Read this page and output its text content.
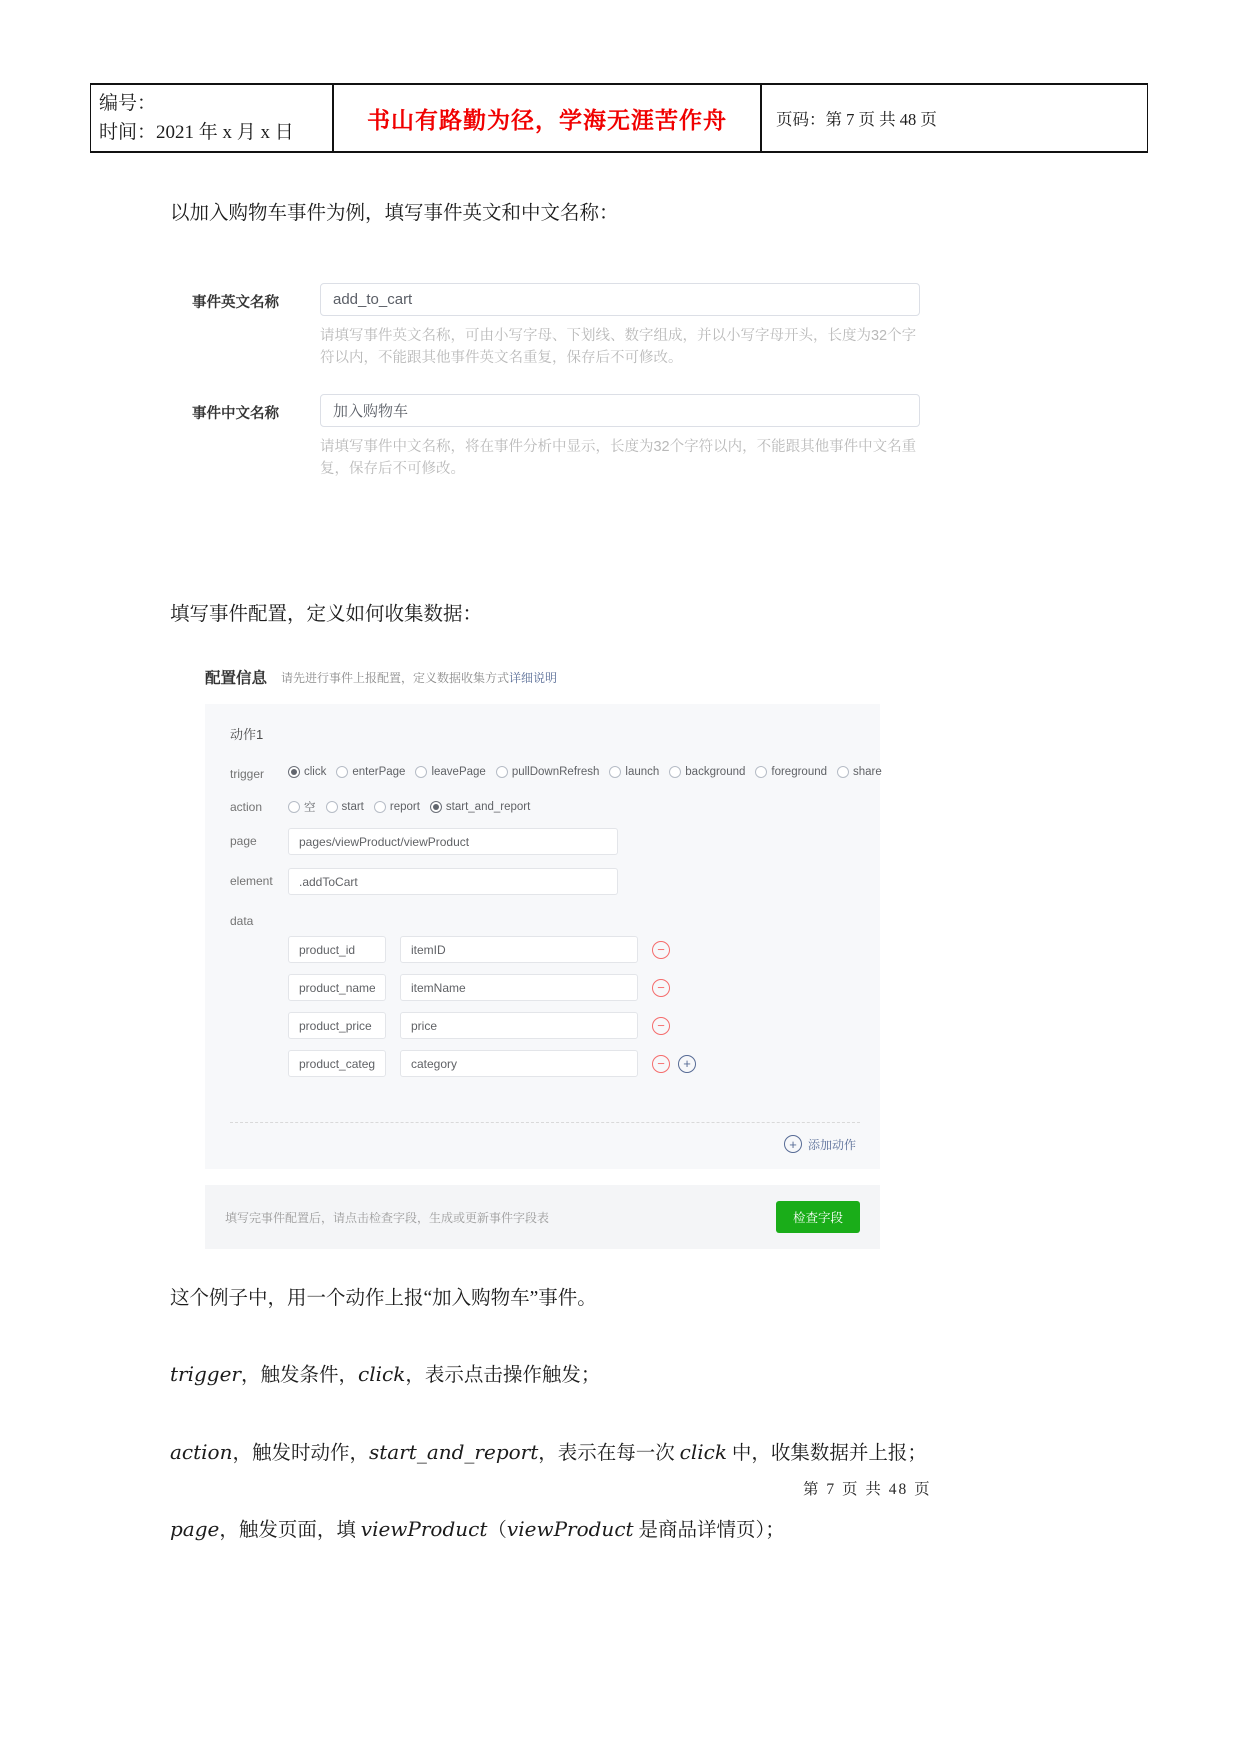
编号：
时间：2021 年 x 月 x 日
书山有路勤为径，学海无涯苦作舟	页码：第 7 页 共 48 页

以加入购物车事件为例，填写事件英文和中文名称：

事件英文名称
add_to_cart
请填写事件英文名称，可由小写字母、下划线、数字组成，并以小写字母开头，长度为32个字符以内，不能跟其他事件英文名重复，保存后不可修改。
事件中文名称
加入购物车
请填写事件中文名称，将在事件分析中显示，长度为32个字符以内，不能跟其他事件中文名重复，保存后不可修改。

填写事件配置，定义如何收集数据：

配置信息 请先进行事件上报配置，定义数据收集方式详细说明
动作1
trigger	click enterPage leavePage pullDownRefresh launch background foreground share
action	空 start report start_and_report
page
pages/viewProduct/viewProduct
element
.addToCart
data
product_id
itemID
−
product_name
itemName
−
product_price
price
−
product_category
category
−	+
+ 添加动作
填写完事件配置后，请点击检查字段，生成或更新事件字段表	检查字段

这个例子中，用一个动作上报“加入购物车”事件。

trigger，触发条件，click，表示点击操作触发；

action，触发时动作，start_and_report，表示在每一次 click 中，收集数据并上报；

page，触发页面，填 viewProduct（viewProduct 是商品详情页）；

第 7 页 共 48 页
